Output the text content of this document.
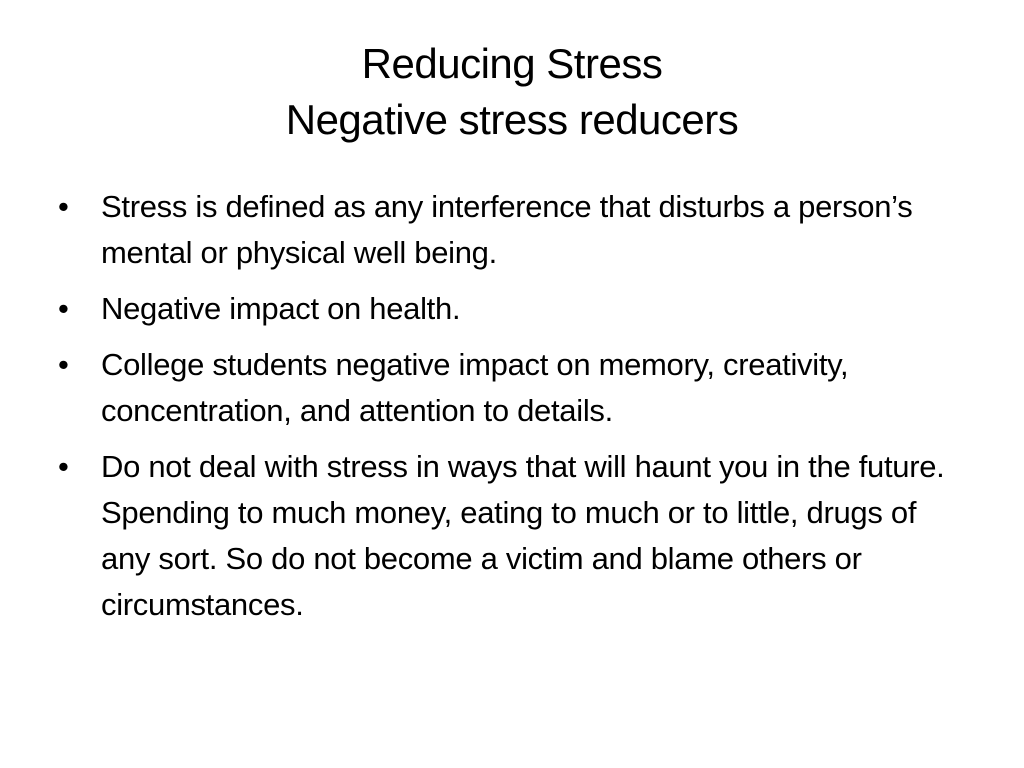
Reducing Stress
Negative stress reducers
• Stress is defined as any interference that disturbs a person’s mental or physical well being.
• Negative impact on health.
• College students negative impact on memory, creativity, concentration, and attention to details.
• Do not deal with stress in ways that will haunt you in the future. Spending to much money, eating to much or to little, drugs of any sort. So do not become a victim and blame others or circumstances.
